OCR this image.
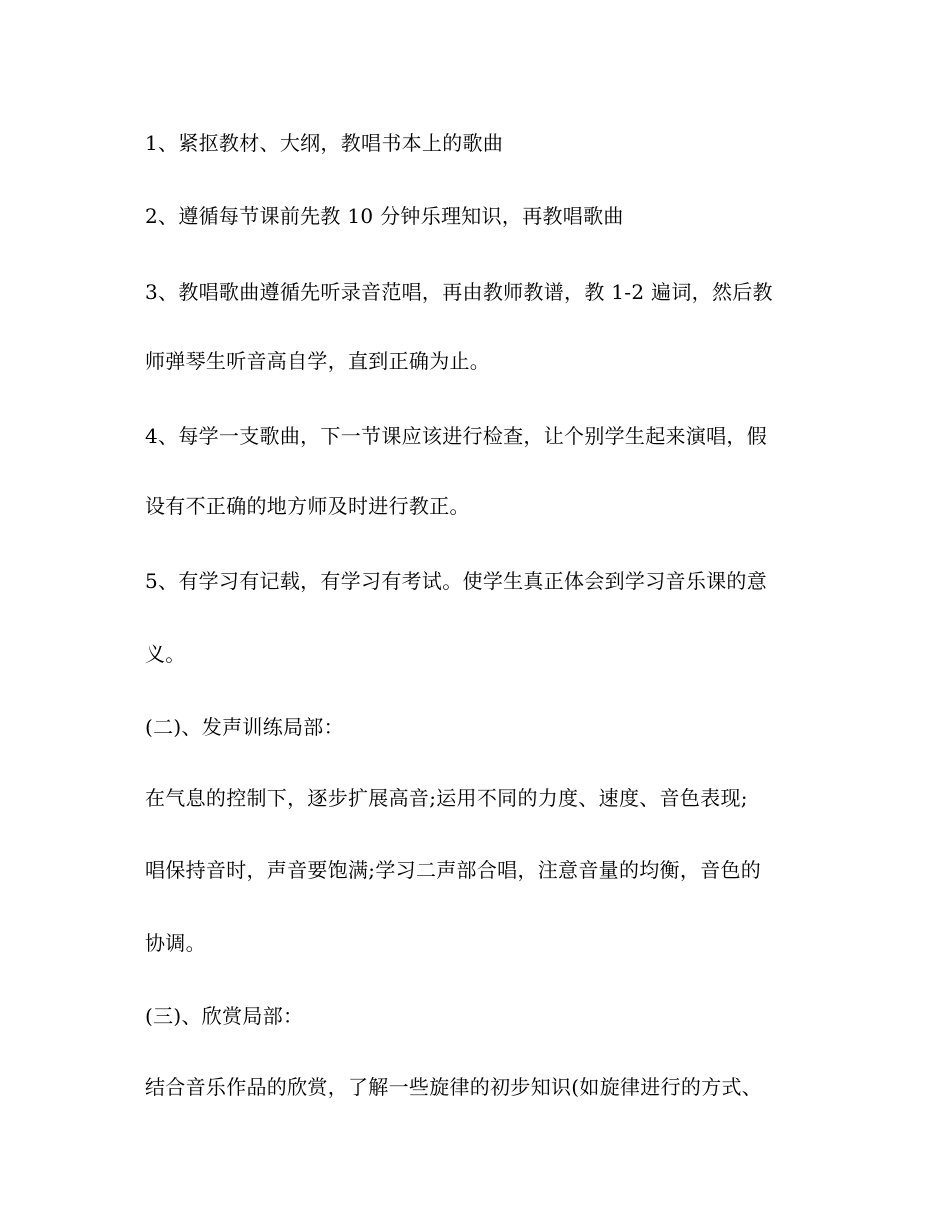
1、紧抠教材、大纲，教唱书本上的歌曲

2、遵循每节课前先教 10 分钟乐理知识，再教唱歌曲

3、教唱歌曲遵循先听录音范唱，再由教师教谱，教 1-2 遍词，然后教

师弹琴生听音高自学，直到正确为止。

4、每学一支歌曲，下一节课应该进行检查，让个别学生起来演唱，假

设有不正确的地方师及时进行教正。

5、有学习有记载，有学习有考试。使学生真正体会到学习音乐课的意

义。

(二)、发声训练局部：

在气息的控制下，逐步扩展高音;运用不同的力度、速度、音色表现;

唱保持音时，声音要饱满;学习二声部合唱，注意音量的均衡，音色的

协调。

(三)、欣赏局部：

结合音乐作品的欣赏，了解一些旋律的初步知识(如旋律进行的方式、
